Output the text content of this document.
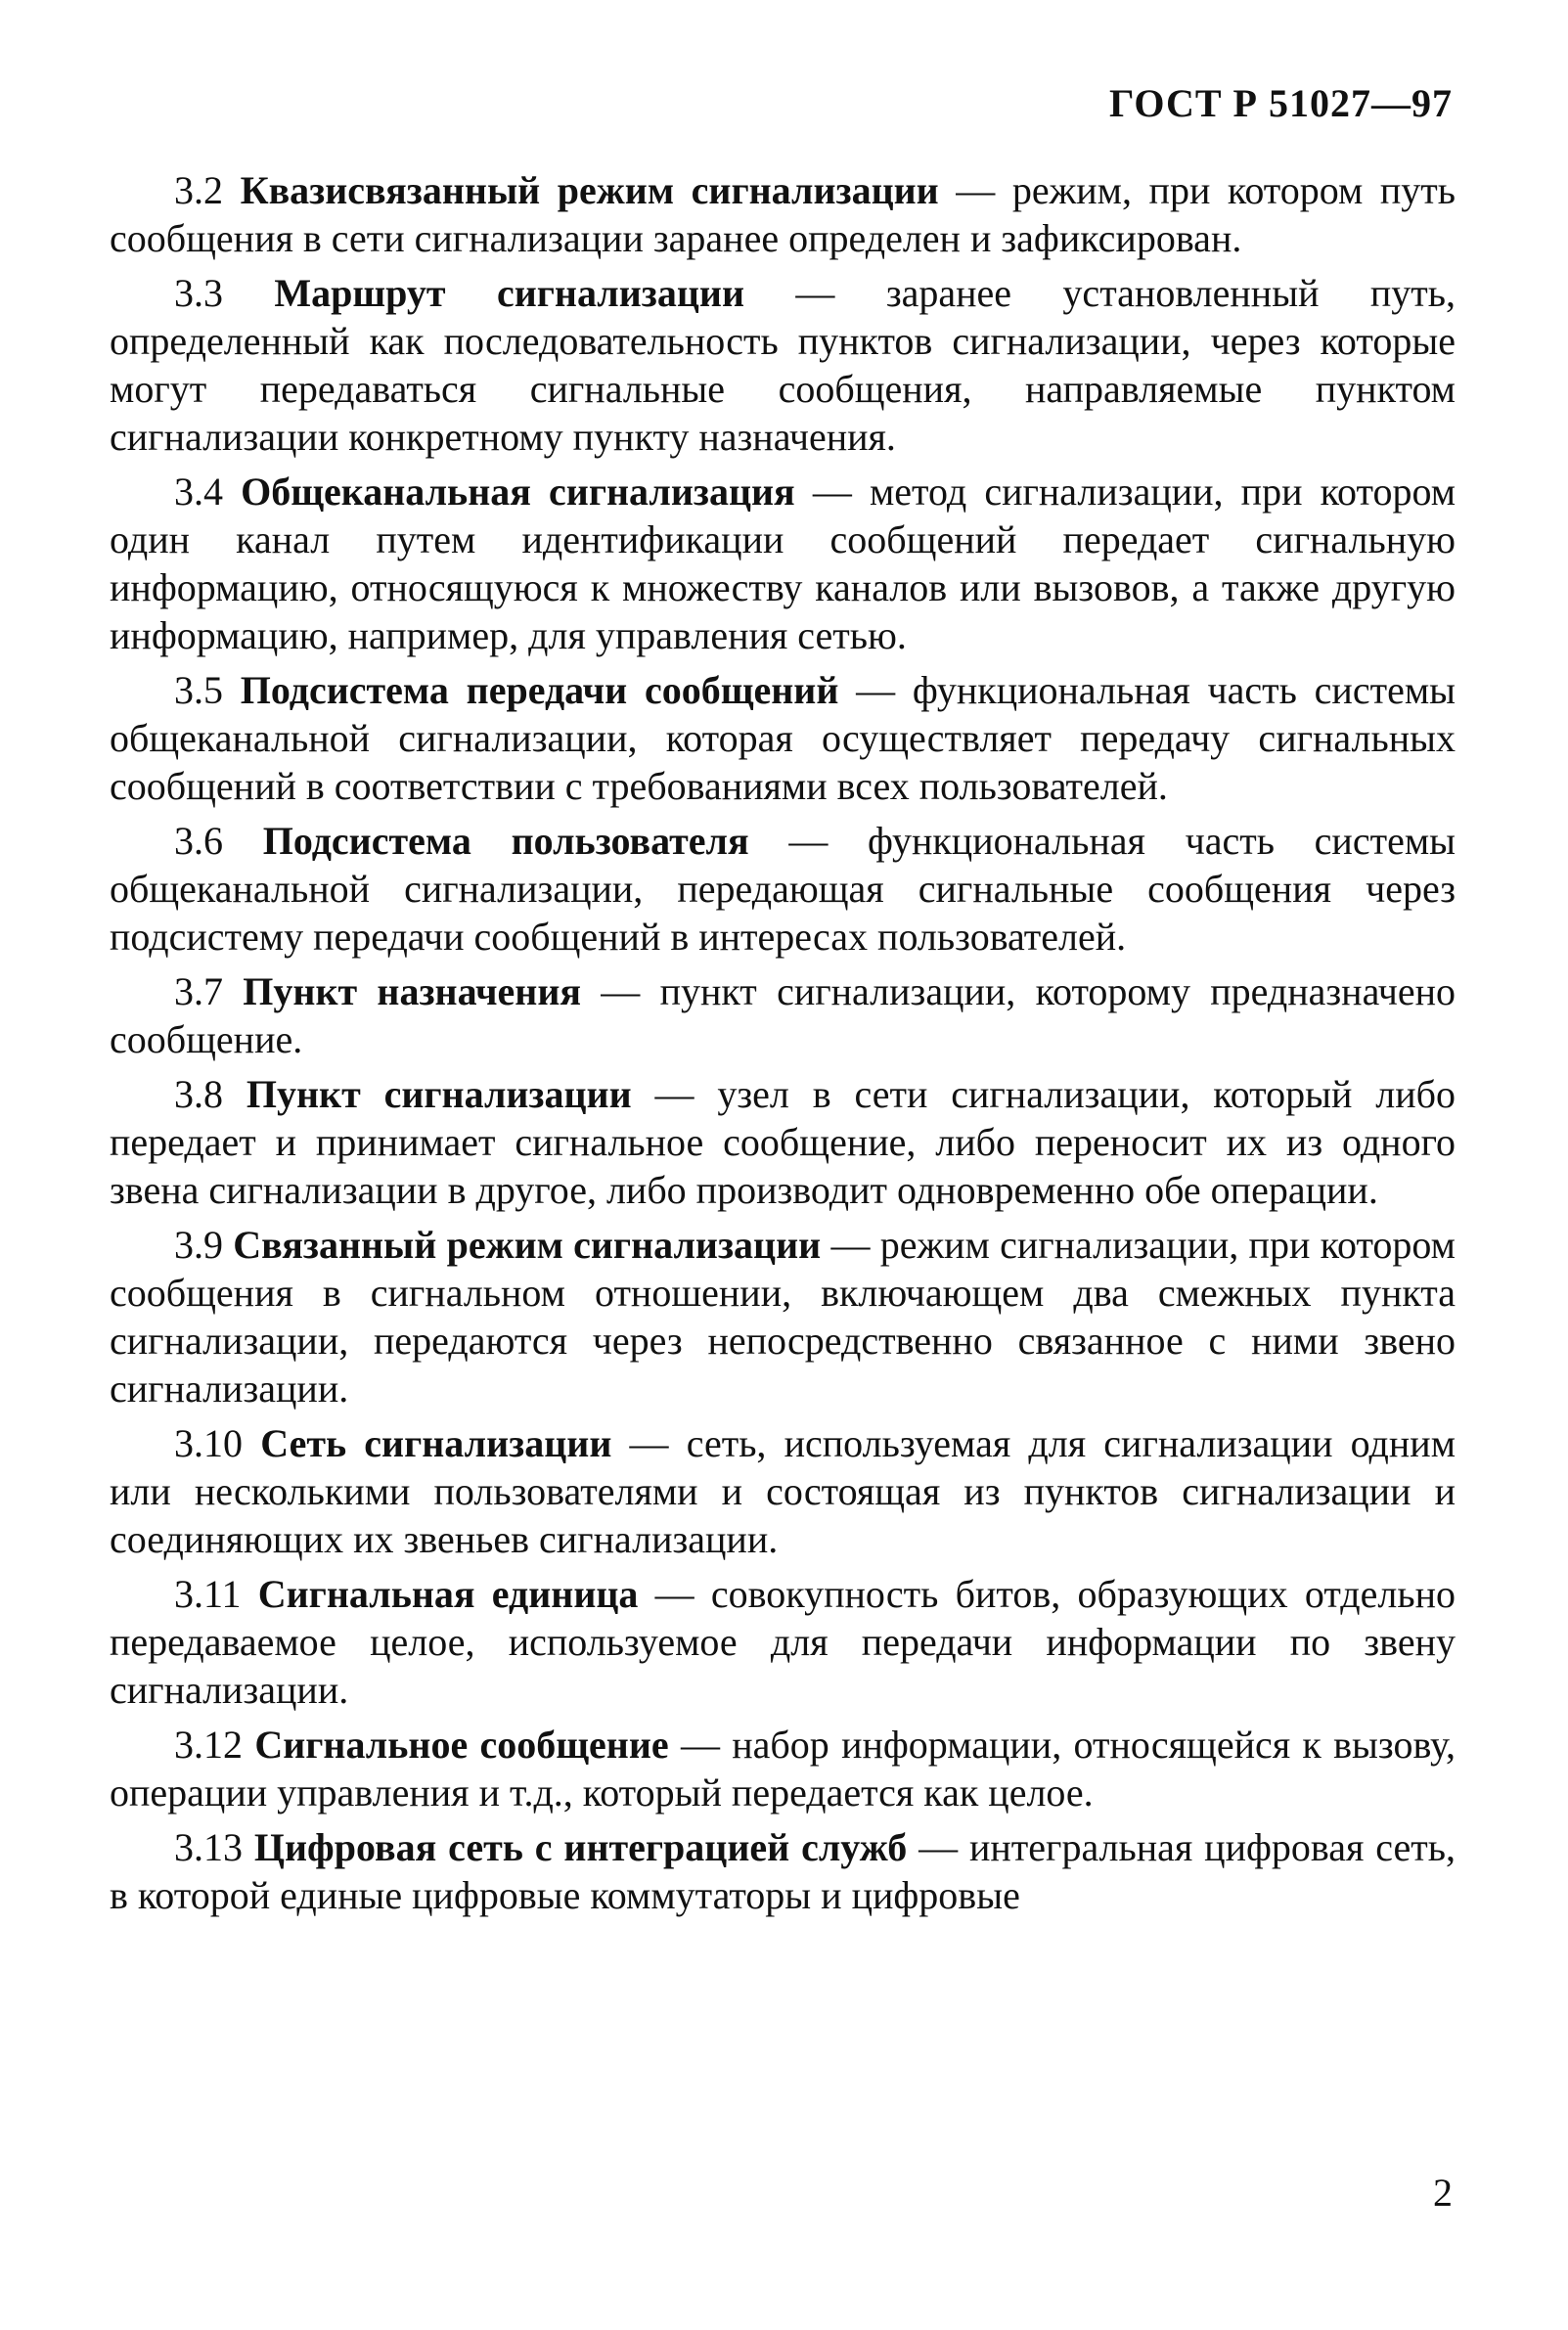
ГОСТ Р 51027—97

3.2 Квазисвязанный режим сигнализации — режим, при котором путь сообщения в сети сигнализации заранее определен и зафиксирован.

3.3 Маршрут сигнализации — заранее установленный путь, определенный как последовательность пунктов сигнализации, через которые могут передаваться сигнальные сообщения, направляемые пунктом сигнализации конкретному пункту назначения.

3.4 Общеканальная сигнализация — метод сигнализации, при котором один канал путем идентификации сообщений передает сигнальную информацию, относящуюся к множеству каналов или вызовов, а также другую информацию, например, для управления сетью.

3.5 Подсистема передачи сообщений — функциональная часть системы общеканальной сигнализации, которая осуществляет передачу сигнальных сообщений в соответствии с требованиями всех пользователей.

3.6 Подсистема пользователя — функциональная часть системы общеканальной сигнализации, передающая сигнальные сообщения через подсистему передачи сообщений в интересах пользователей.

3.7 Пункт назначения — пункт сигнализации, которому предназначено сообщение.

3.8 Пункт сигнализации — узел в сети сигнализации, который либо передает и принимает сигнальное сообщение, либо переносит их из одного звена сигнализации в другое, либо производит одновременно обе операции.

3.9 Связанный режим сигнализации — режим сигнализации, при котором сообщения в сигнальном отношении, включающем два смежных пункта сигнализации, передаются через непосредственно связанное с ними звено сигнализации.

3.10 Сеть сигнализации — сеть, используемая для сигнализации одним или несколькими пользователями и состоящая из пунктов сигнализации и соединяющих их звеньев сигнализации.

3.11 Сигнальная единица — совокупность битов, образующих отдельно передаваемое целое, используемое для передачи информации по звену сигнализации.

3.12 Сигнальное сообщение — набор информации, относящейся к вызову, операции управления и т.д., который передается как целое.

3.13 Цифровая сеть с интеграцией служб — интегральная цифровая сеть, в которой единые цифровые коммутаторы и цифровые

2
